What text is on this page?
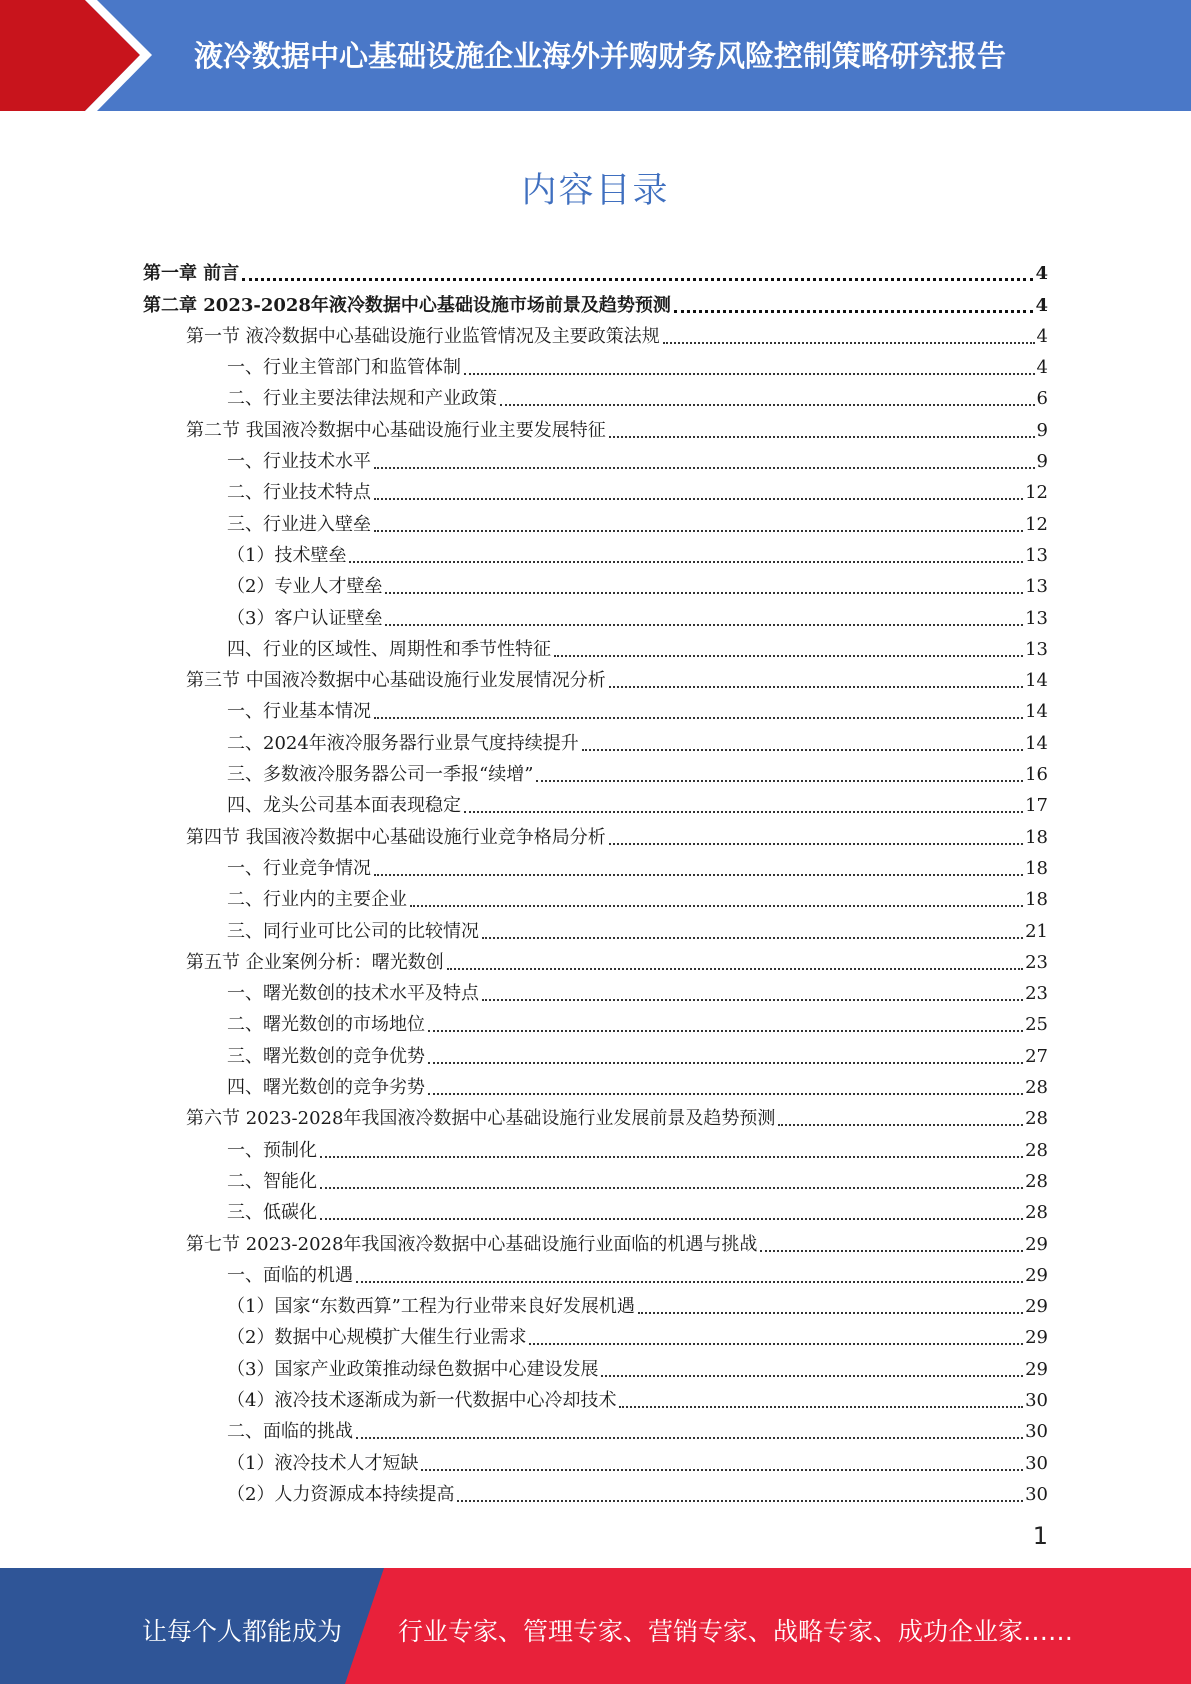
液冷数据中心基础设施企业海外并购财务风险控制策略研究报告
内容目录
第一章 前言	4
第二章 2023-2028年液冷数据中心基础设施市场前景及趋势预测	4
第一节 液冷数据中心基础设施行业监管情况及主要政策法规	4
一、行业主管部门和监管体制	4
二、行业主要法律法规和产业政策	6
第二节 我国液冷数据中心基础设施行业主要发展特征	9
一、行业技术水平	9
二、行业技术特点	12
三、行业进入壁垒	12
（1）技术壁垒	13
（2）专业人才壁垒	13
（3）客户认证壁垒	13
四、行业的区域性、周期性和季节性特征	13
第三节 中国液冷数据中心基础设施行业发展情况分析	14
一、行业基本情况	14
二、2024年液冷服务器行业景气度持续提升	14
三、多数液冷服务器公司一季报“续增”	16
四、龙头公司基本面表现稳定	17
第四节 我国液冷数据中心基础设施行业竞争格局分析	18
一、行业竞争情况	18
二、行业内的主要企业	18
三、同行业可比公司的比较情况	21
第五节 企业案例分析：曙光数创	23
一、曙光数创的技术水平及特点	23
二、曙光数创的市场地位	25
三、曙光数创的竞争优势	27
四、曙光数创的竞争劣势	28
第六节 2023-2028年我国液冷数据中心基础设施行业发展前景及趋势预测	28
一、预制化	28
二、智能化	28
三、低碳化	28
第七节 2023-2028年我国液冷数据中心基础设施行业面临的机遇与挑战	29
一、面临的机遇	29
（1）国家“东数西算”工程为行业带来良好发展机遇	29
（2）数据中心规模扩大催生行业需求	29
（3）国家产业政策推动绿色数据中心建设发展	29
（4）液冷技术逐渐成为新一代数据中心冷却技术	30
二、面临的挑战	30
（1）液冷技术人才短缺	30
（2）人力资源成本持续提高	30
1
让每个人都能成为 行业专家、管理专家、营销专家、战略专家、成功企业家……
